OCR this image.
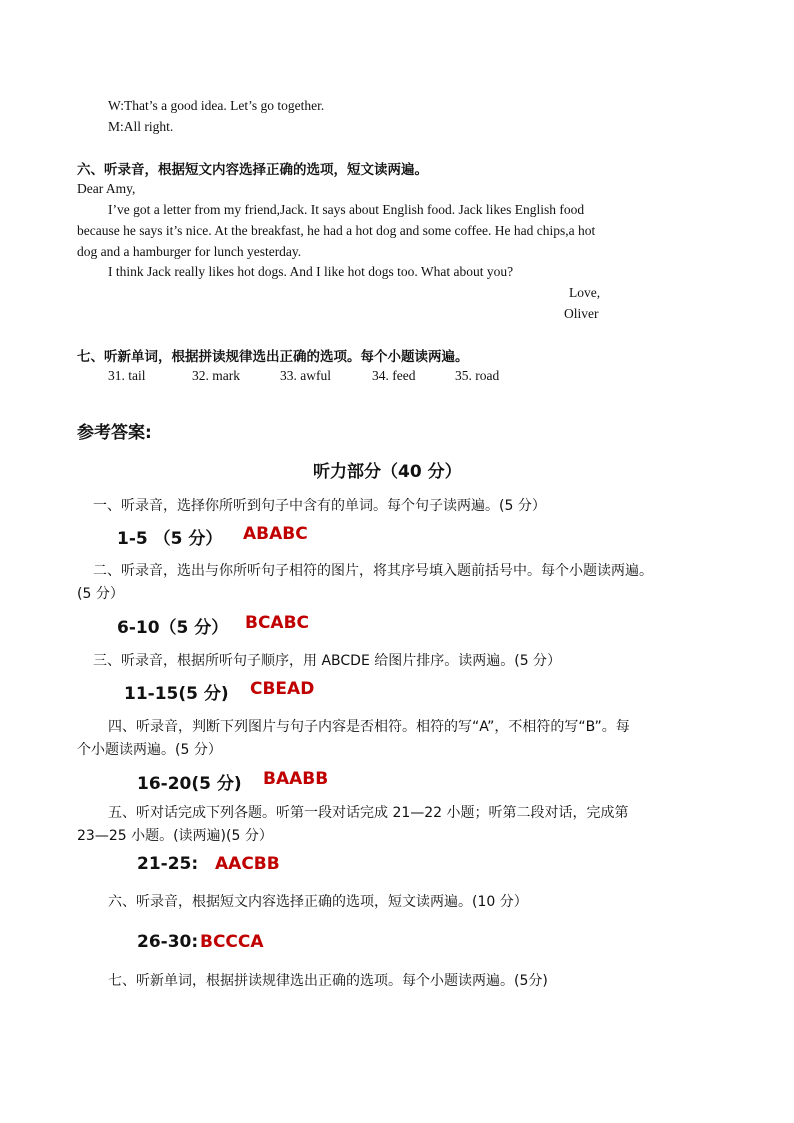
W:That’s a good idea. Let’s go together.
M:All right.
六、听录音，根据短文内容选择正确的选项，短文读两遍。
Dear Amy,
I’ve got a letter from my friend,Jack. It says about English food. Jack likes English food
because he says it’s nice. At the breakfast, he had a hot dog and some coffee. He had chips,a hot
dog and a hamburger for lunch yesterday.
I think Jack really likes hot dogs. And I like hot dogs too. What about you?
Love,
Oliver
七、听新单词，根据拼读规律选出正确的选项。每个小题读两遍。
31. tail	32. mark	33. awful	34. feed	35. road
参考答案:
听力部分（40 分）
一、听录音，选择你所听到句子中含有的单词。每个句子读两遍。(5 分）
1-5 （5 分） ABABC
二、听录音，选出与你所听句子相符的图片，将其序号填入题前括号中。每个小题读两遍。
(5 分）
6-10（5 分） BCABC
三、听录音，根据所听句子顺序，用 ABCDE 给图片排序。读两遍。(5 分）
11-15(5 分) CBEAD
四、听录音，判断下列图片与句子内容是否相符。相符的写“A”，不相符的写“B”。每
个小题读两遍。(5 分）
16-20(5 分) BAABB
五、听对话完成下列各题。听第一段对话完成 21—22 小题；听第二段对话，完成第
23—25 小题。(读两遍)(5 分）
21-25: AACBB
六、听录音，根据短文内容选择正确的选项，短文读两遍。(10 分）
26-30: BCCCA
七、听新单词，根据拼读规律选出正确的选项。每个小题读两遍。(5分)
